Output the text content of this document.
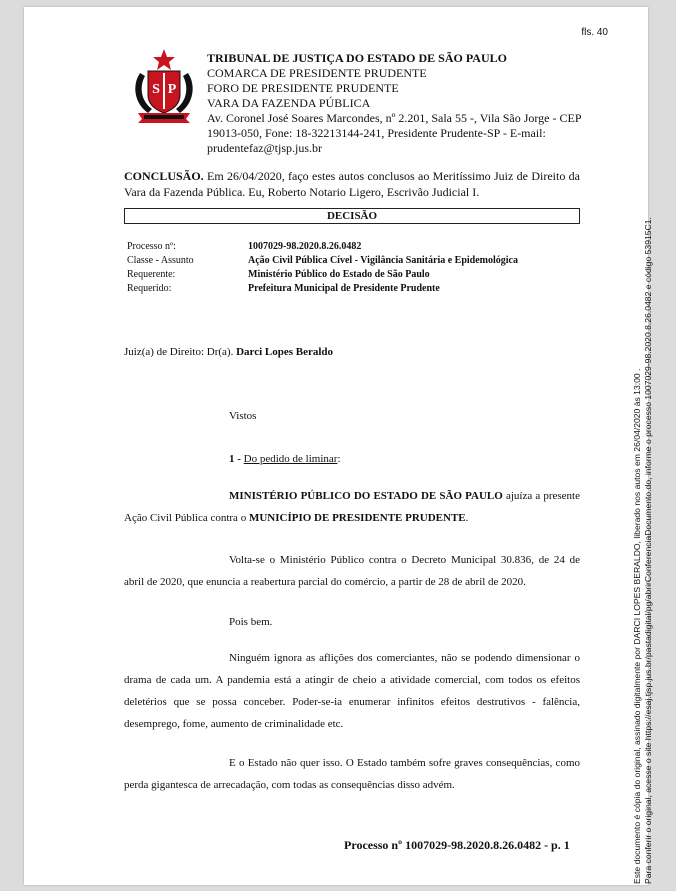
fls. 40
S P
TRIBUNAL DE JUSTIÇA DO ESTADO DE SÃO PAULO
COMARCA DE PRESIDENTE PRUDENTE
FORO DE PRESIDENTE PRUDENTE
VARA DA FAZENDA PÚBLICA
Av. Coronel José Soares Marcondes, nº 2.201, Sala 55 -, Vila São Jorge - CEP
19013-050, Fone: 18-32213144-241, Presidente Prudente-SP - E-mail:
prudentefaz@tjsp.jus.br
CONCLUSÃO. Em 26/04/2020, faço estes autos conclusos ao Meritíssimo Juiz de Direito da Vara da Fazenda Pública. Eu, Roberto Notario Ligero, Escrivão Judicial I.
DECISÃO
Processo nº:	1007029-98.2020.8.26.0482
Classe - Assunto	Ação Civil Pública Cível - Vigilância Sanitária e Epidemológica
Requerente:	Ministério Público do Estado de São Paulo
Requerido:	Prefeitura Municipal de Presidente Prudente
Juiz(a) de Direito: Dr(a). Darci Lopes Beraldo
Vistos
1 - Do pedido de liminar:
MINISTÉRIO PÚBLICO DO ESTADO DE SÃO PAULO ajuíza a presente Ação Civil Pública contra o MUNICÍPIO DE PRESIDENTE PRUDENTE.
Volta-se o Ministério Público contra o Decreto Municipal 30.836, de 24 de abril de 2020, que enuncia a reabertura parcial do comércio, a partir de 28 de abril de 2020.
Pois bem.
Ninguém ignora as aflições dos comerciantes, não se podendo dimensionar o drama de cada um. A pandemia está a atingir de cheio a atividade comercial, com todos os efeitos deletérios que se possa conceber. Poder-se-ia enumerar infinitos efeitos destrutivos - falência, desemprego, fome, aumento de criminalidade etc.
E o Estado não quer isso. O Estado também sofre graves consequências, como perda gigantesca de arrecadação, com todas as consequências disso advém.
Processo nº 1007029-98.2020.8.26.0482 - p. 1	Este documento é cópia do original, assinado digitalmente por DARCI LOPES BERALDO, liberado nos autos em 26/04/2020 às 13:00 . Para conferir o original, acesse o site https://esaj.tjsp.jus.br/pastadigital/pg/abrirConferenciaDocumento.do, informe o processo 1007029-98.2020.8.26.0482 e código 53915C1.
